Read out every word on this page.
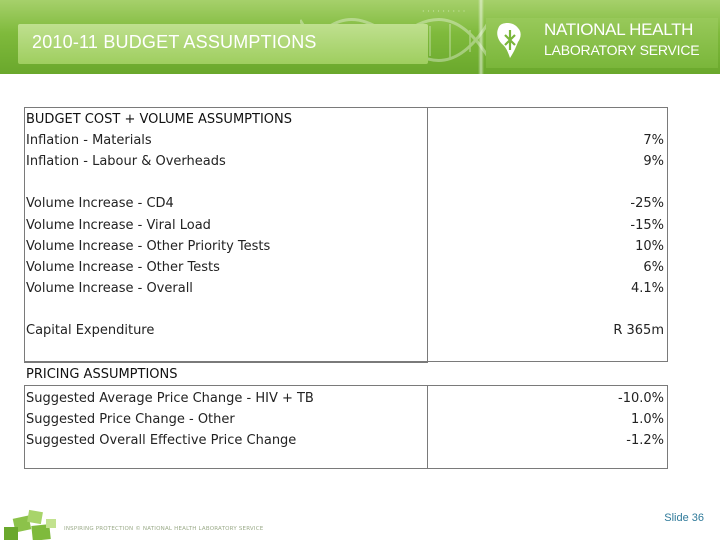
2010-11 BUDGET ASSUMPTIONS
· · · · · · · · ·
NATIONAL HEALTH
LABORATORY SERVICE
BUDGET COST + VOLUME ASSUMPTIONS
Inflation - Materials	7%
Inflation - Labour & Overheads	9%
Volume Increase - CD4	-25%
Volume Increase - Viral Load	-15%
Volume Increase - Other Priority Tests	10%
Volume Increase - Other Tests	6%
Volume Increase - Overall	4.1%
Capital Expenditure	R 365m
PRICING ASSUMPTIONS
Suggested Average Price Change - HIV + TB	-10.0%
Suggested Price Change - Other	1.0%
Suggested Overall Effective Price Change	-1.2%
INSPIRING PROTECTION © NATIONAL HEALTH LABORATORY SERVICE
Slide 36
